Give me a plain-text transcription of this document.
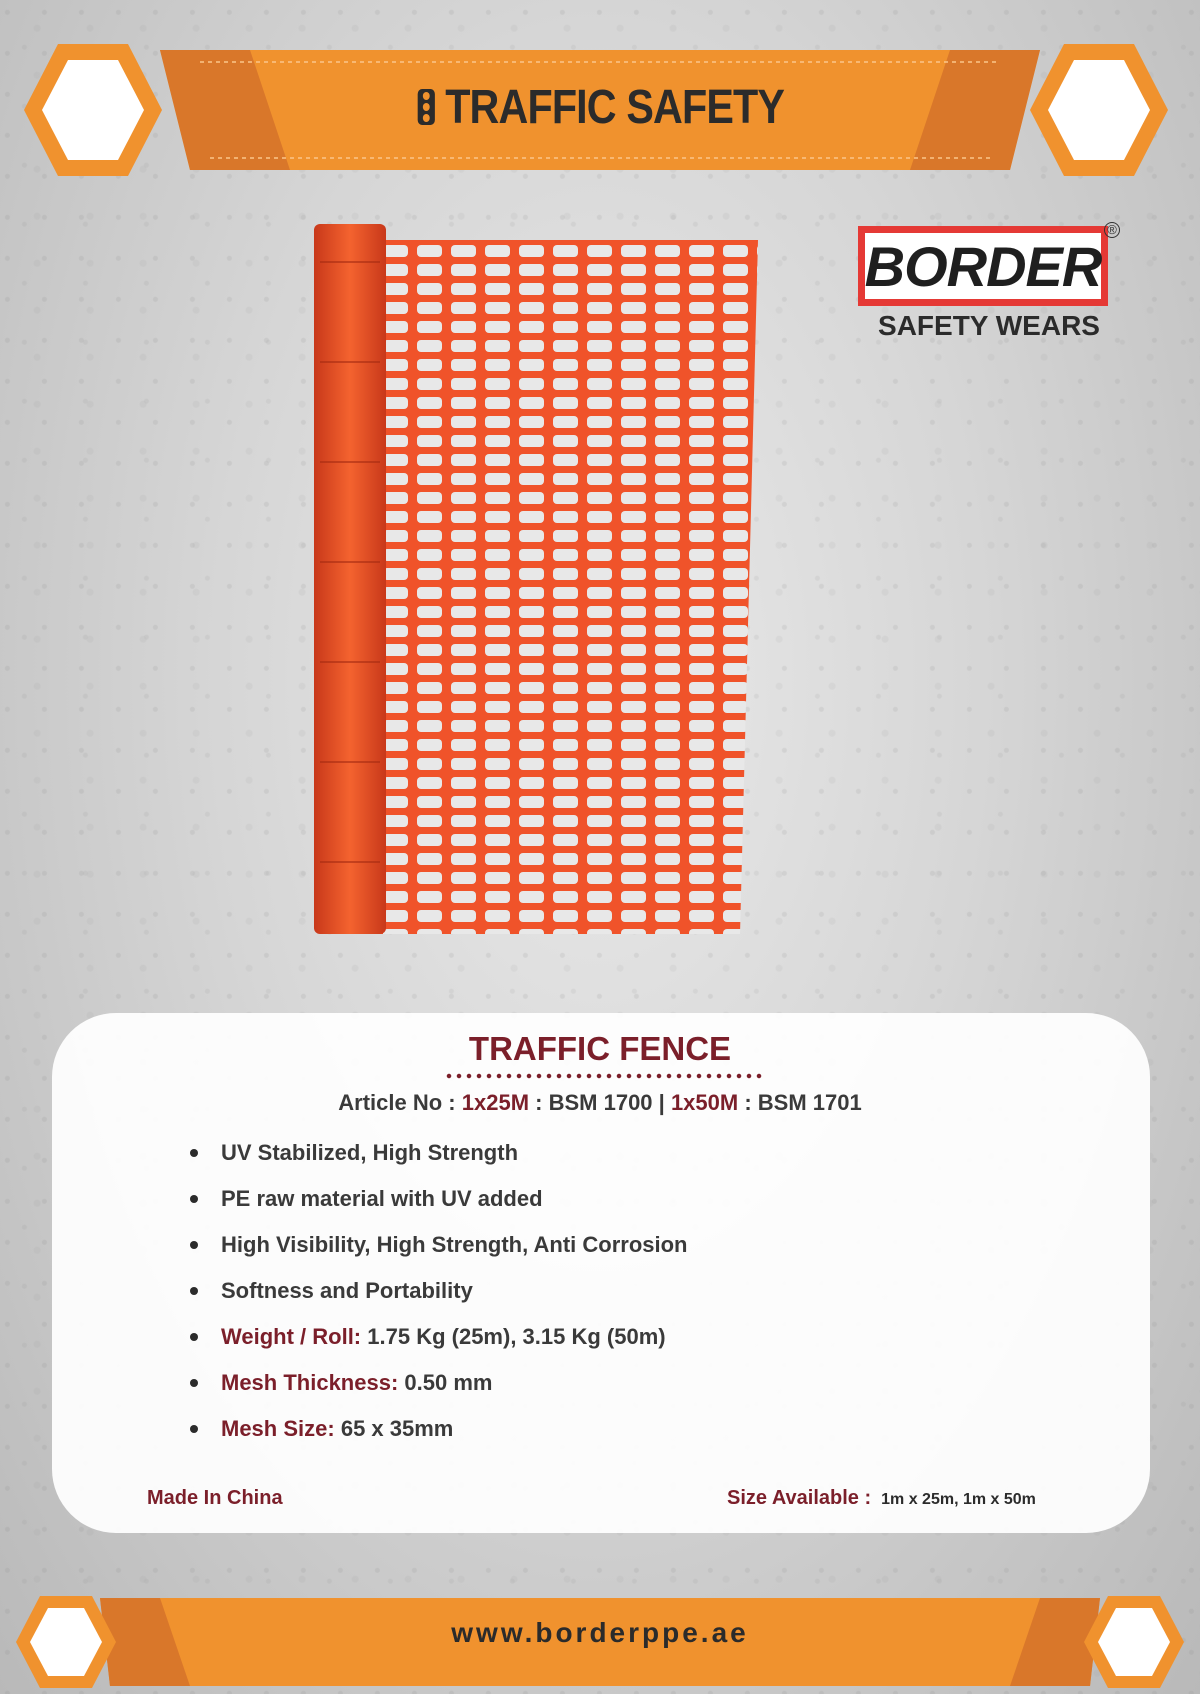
TRAFFIC SAFETY
BORDER
®
SAFETY WEARS
TRAFFIC FENCE
Article No : 1x25M : BSM 1700 | 1x50M : BSM 1701
UV Stabilized, High Strength
PE raw material with UV added
High Visibility, High Strength, Anti Corrosion
Softness and Portability
Weight / Roll: 1.75 Kg (25m), 3.15 Kg (50m)
Mesh Thickness: 0.50 mm
Mesh Size: 65 x 35mm
Made In China	Size Available : 1m x 25m, 1m x 50m
www.borderppe.ae
